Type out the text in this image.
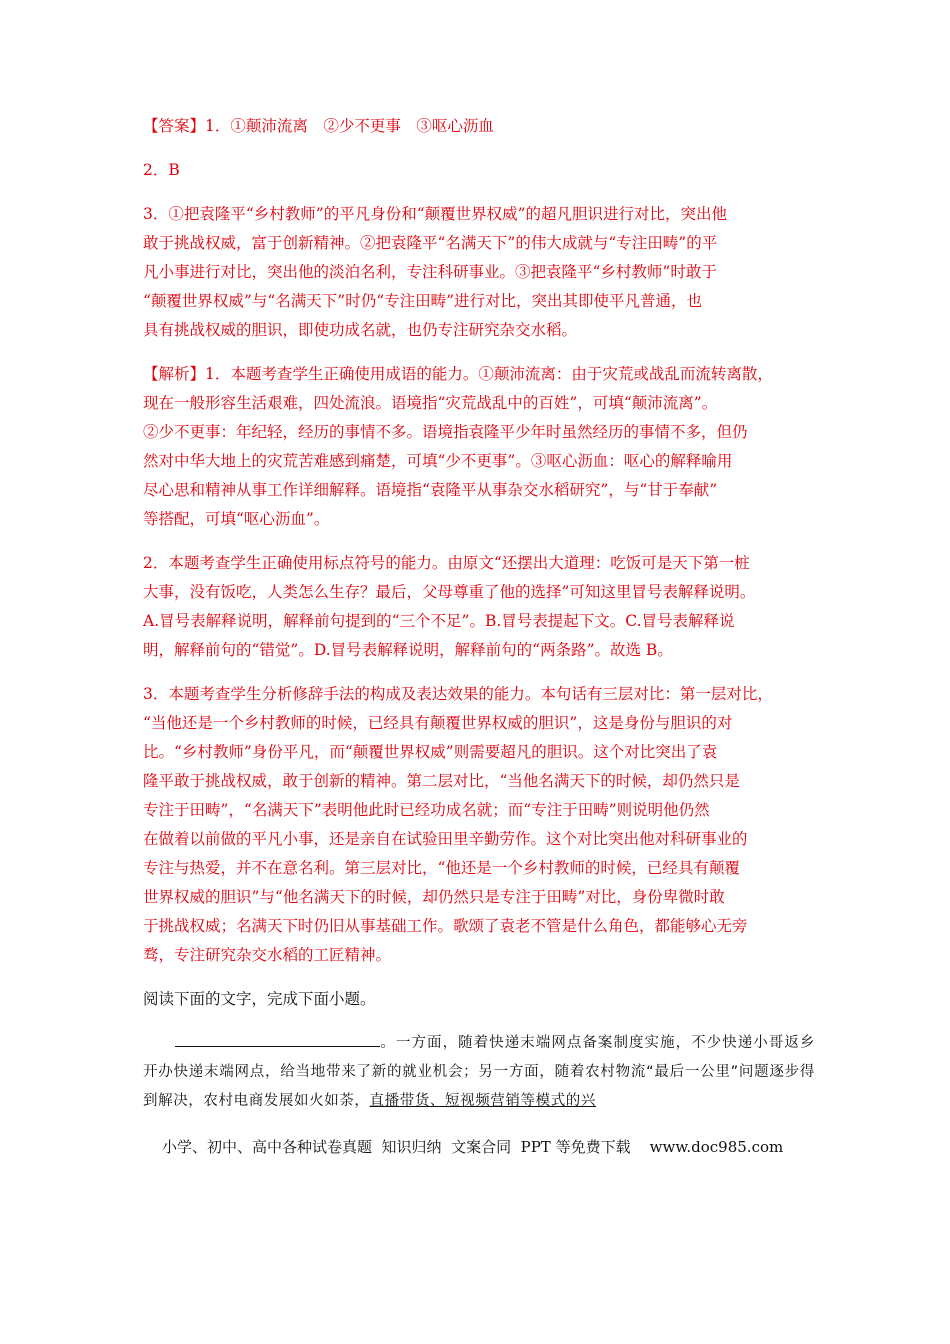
【答案】1．①颠沛流离　②少不更事　③呕心沥血

2．B

3．①把袁隆平“乡村教师”的平凡身份和“颠覆世界权威”的超凡胆识进行对比，突出他

敢于挑战权威，富于创新精神。②把袁隆平“名满天下”的伟大成就与“专注田畴”的平

凡小事进行对比，突出他的淡泊名利，专注科研事业。③把袁隆平“乡村教师”时敢于

“颠覆世界权威”与“名满天下”时仍“专注田畴”进行对比，突出其即使平凡普通，也

具有挑战权威的胆识，即使功成名就，也仍专注研究杂交水稻。

【解析】1．本题考查学生正确使用成语的能力。①颠沛流离：由于灾荒或战乱而流转离散，

现在一般形容生活艰难，四处流浪。语境指“灾荒战乱中的百姓”，可填“颠沛流离”。

②少不更事：年纪轻，经历的事情不多。语境指袁隆平少年时虽然经历的事情不多，但仍

然对中华大地上的灾荒苦难感到痛楚，可填“少不更事”。③呕心沥血：呕心的解释喻用

尽心思和精神从事工作详细解释。语境指“袁隆平从事杂交水稻研究”，与“甘于奉献”

等搭配，可填“呕心沥血”。

2．本题考查学生正确使用标点符号的能力。由原文“还摆出大道理：吃饭可是天下第一桩

大事，没有饭吃，人类怎么生存？最后，父母尊重了他的选择”可知这里冒号表解释说明。

A.冒号表解释说明，解释前句提到的“三个不足”。B.冒号表提起下文。C.冒号表解释说

明，解释前句的“错觉”。D.冒号表解释说明，解释前句的“两条路”。故选 B。

3．本题考查学生分析修辞手法的构成及表达效果的能力。本句话有三层对比：第一层对比，

“当他还是一个乡村教师的时候，已经具有颠覆世界权威的胆识”，这是身份与胆识的对

比。“乡村教师”身份平凡，而“颠覆世界权威”则需要超凡的胆识。这个对比突出了袁

隆平敢于挑战权威，敢于创新的精神。第二层对比，“当他名满天下的时候，却仍然只是

专注于田畴”，“名满天下”表明他此时已经功成名就；而“专注于田畴”则说明他仍然

在做着以前做的平凡小事，还是亲自在试验田里辛勤劳作。这个对比突出他对科研事业的

专注与热爱，并不在意名利。第三层对比，“他还是一个乡村教师的时候，已经具有颠覆

世界权威的胆识”与“他名满天下的时候，却仍然只是专注于田畴”对比，身份卑微时敢

于挑战权威；名满天下时仍旧从事基础工作。歌颂了袁老不管是什么角色，都能够心无旁

骛，专注研究杂交水稻的工匠精神。

阅读下面的文字，完成下面小题。

。一方面，随着快递末端网点备案制度实施，不少快递小哥返乡开办快递末端网点，给当地带来了新的就业机会；另一方面，随着农村物流“最后一公里”问题逐步得到解决，农村电商发展如火如荼，直播带货、短视频营销等模式的兴
小学、初中、高中各种试卷真题  知识归纳  文案合同  PPT 等免费下载    www.doc985.com
